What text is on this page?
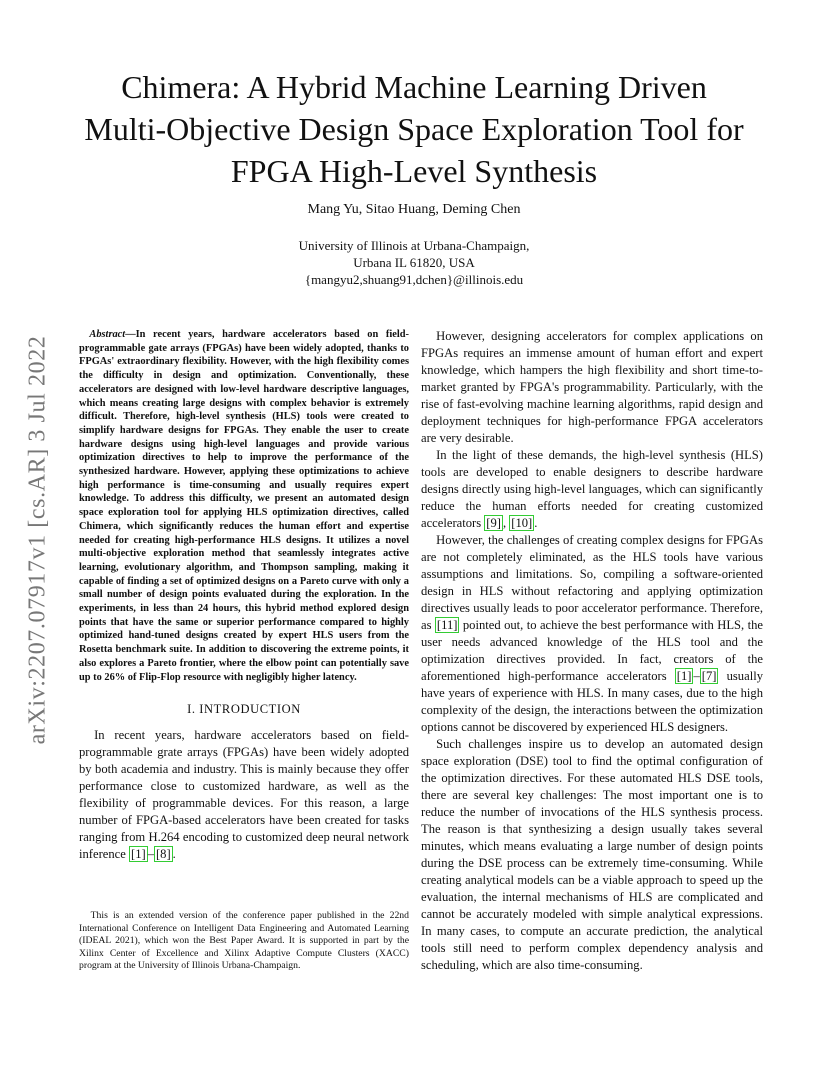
arXiv:2207.07917v1 [cs.AR] 3 Jul 2022
Chimera: A Hybrid Machine Learning Driven
Multi-Objective Design Space Exploration Tool for
FPGA High-Level Synthesis
Mang Yu, Sitao Huang, Deming Chen
University of Illinois at Urbana-Champaign,
Urbana IL 61820, USA
{mangyu2,shuang91,dchen}@illinois.edu

Abstract—In recent years, hardware accelerators based on field-programmable gate arrays (FPGAs) have been widely adopted, thanks to FPGAs' extraordinary flexibility. However, with the high flexibility comes the difficulty in design and optimization. Conventionally, these accelerators are designed with low-level hardware descriptive languages, which means creating large designs with complex behavior is extremely difficult. Therefore, high-level synthesis (HLS) tools were created to simplify hardware designs for FPGAs. They enable the user to create hardware designs using high-level languages and provide various optimization directives to help to improve the performance of the synthesized hardware. However, applying these optimizations to achieve high performance is time-consuming and usually requires expert knowledge. To address this difficulty, we present an automated design space exploration tool for applying HLS optimization directives, called Chimera, which significantly reduces the human effort and expertise needed for creating high-performance HLS designs. It utilizes a novel multi-objective exploration method that seamlessly integrates active learning, evolutionary algorithm, and Thompson sampling, making it capable of finding a set of optimized designs on a Pareto curve with only a small number of design points evaluated during the exploration. In the experiments, in less than 24 hours, this hybrid method explored design points that have the same or superior performance compared to highly optimized hand-tuned designs created by expert HLS users from the Rosetta benchmark suite. In addition to discovering the extreme points, it also explores a Pareto frontier, where the elbow point can potentially save up to 26% of Flip-Flop resource with negligibly higher latency.

I. INTRODUCTION

In recent years, hardware accelerators based on field-programmable grate arrays (FPGAs) have been widely adopted by both academia and industry. This is mainly because they offer performance close to customized hardware, as well as the flexibility of programmable devices. For this reason, a large number of FPGA-based accelerators have been created for tasks ranging from H.264 encoding to customized deep neural network inference [1] – [8] .

This is an extended version of the conference paper published in the 22nd International Conference on Intelligent Data Engineering and Automated Learning (IDEAL 2021), which won the Best Paper Award. It is supported in part by the Xilinx Center of Excellence and Xilinx Adaptive Compute Clusters (XACC) program at the University of Illinois Urbana-Champaign.

However, designing accelerators for complex applications on FPGAs requires an immense amount of human effort and expert knowledge, which hampers the high flexibility and short time-to-market granted by FPGA's programmability. Particularly, with the rise of fast-evolving machine learning algorithms, rapid design and deployment techniques for high-performance FPGA accelerators are very desirable.

In the light of these demands, the high-level synthesis (HLS) tools are developed to enable designers to describe hardware designs directly using high-level languages, which can significantly reduce the human efforts needed for creating customized accelerators [9] , [10] .

However, the challenges of creating complex designs for FPGAs are not completely eliminated, as the HLS tools have various assumptions and limitations. So, compiling a software-oriented design in HLS without refactoring and applying optimization directives usually leads to poor accelerator performance. Therefore, as [11] pointed out, to achieve the best performance with HLS, the user needs advanced knowledge of the HLS tool and the optimization directives provided. In fact, creators of the aforementioned high-performance accelerators [1] – [7] usually have years of experience with HLS. In many cases, due to the high complexity of the design, the interactions between the optimization options cannot be discovered by experienced HLS designers.

Such challenges inspire us to develop an automated design space exploration (DSE) tool to find the optimal configuration of the optimization directives. For these automated HLS DSE tools, there are several key challenges: The most important one is to reduce the number of invocations of the HLS synthesis process. The reason is that synthesizing a design usually takes several minutes, which means evaluating a large number of design points during the DSE process can be extremely time-consuming. While creating analytical models can be a viable approach to speed up the evaluation, the internal mechanisms of HLS are complicated and cannot be accurately modeled with simple analytical expressions. In many cases, to compute an accurate prediction, the analytical tools still need to perform complex dependency analysis and scheduling, which are also time-consuming.
